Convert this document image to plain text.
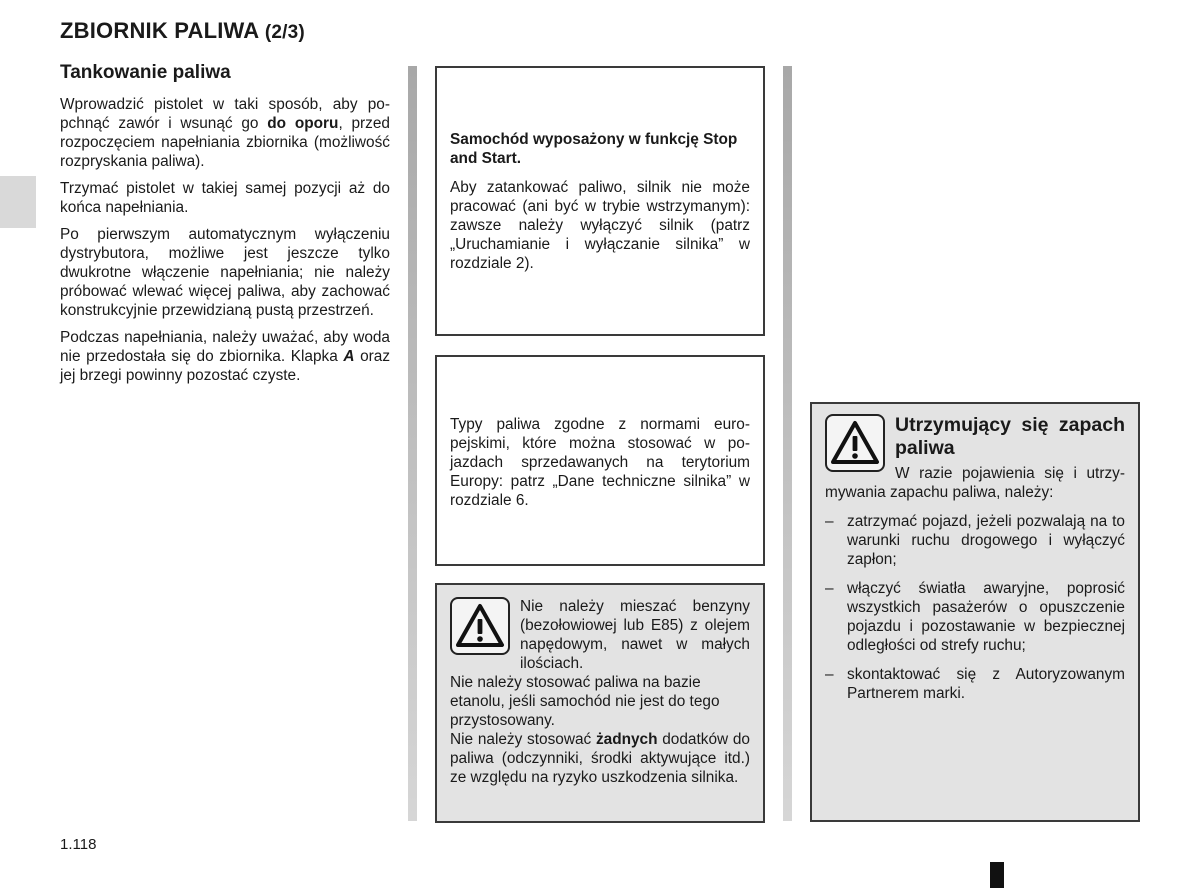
ZBIORNIK PALIWA (2/3)
Tankowanie paliwa

Wprowadzić pistolet w taki sposób, aby popchnąć zawór i wsunąć go do oporu, przed rozpoczęciem napełniania zbiornika (możliwość rozpryskania paliwa).

Trzymać pistolet w takiej samej pozycji aż do końca napełniania.

Po pierwszym automatycznym wyłączeniu dystrybutora, możliwe jest jeszcze tylko dwukrotne włączenie napełniania; nie należy próbować wlewać więcej paliwa, aby zachować konstrukcyjnie przewidzianą pustą przestrzeń.

Podczas napełniania, należy uważać, aby woda nie przedostała się do zbiornika. Klapka A oraz jej brzegi powinny pozostać czyste.

Samochód wyposażony w funkcję Stop and Start.

Aby zatankować paliwo, silnik nie może pracować (ani być w trybie wstrzymanym): zawsze należy wyłączyć silnik (patrz „Uruchamianie i wyłączanie silnika” w rozdziale 2).

Typy paliwa zgodne z normami europejskimi, które można stosować w pojazdach sprzedawanych na terytorium Europy: patrz „Dane techniczne silnika” w rozdziale 6.

Nie należy mieszać benzyny (bezołowiowej lub E85) z olejem napędowym, nawet w małych ilościach.

Nie należy stosować paliwa na bazie etanolu, jeśli samochód nie jest do tego przystosowany.

Nie należy stosować żadnych dodatków do paliwa (odczynniki, środki aktywujące itd.) ze względu na ryzyko uszkodzenia silnika.

Utrzymujący się zapach paliwa

W razie pojawienia się i utrzymywania zapachu paliwa, należy:

– zatrzymać pojazd, jeżeli pozwalają na to warunki ruchu drogowego i wyłączyć zapłon;
– włączyć światła awaryjne, poprosić wszystkich pasażerów o opuszczenie pojazdu i pozostawanie w bezpiecznej odległości od strefy ruchu;
– skontaktować się z Autoryzowanym Partnerem marki.
1.118
